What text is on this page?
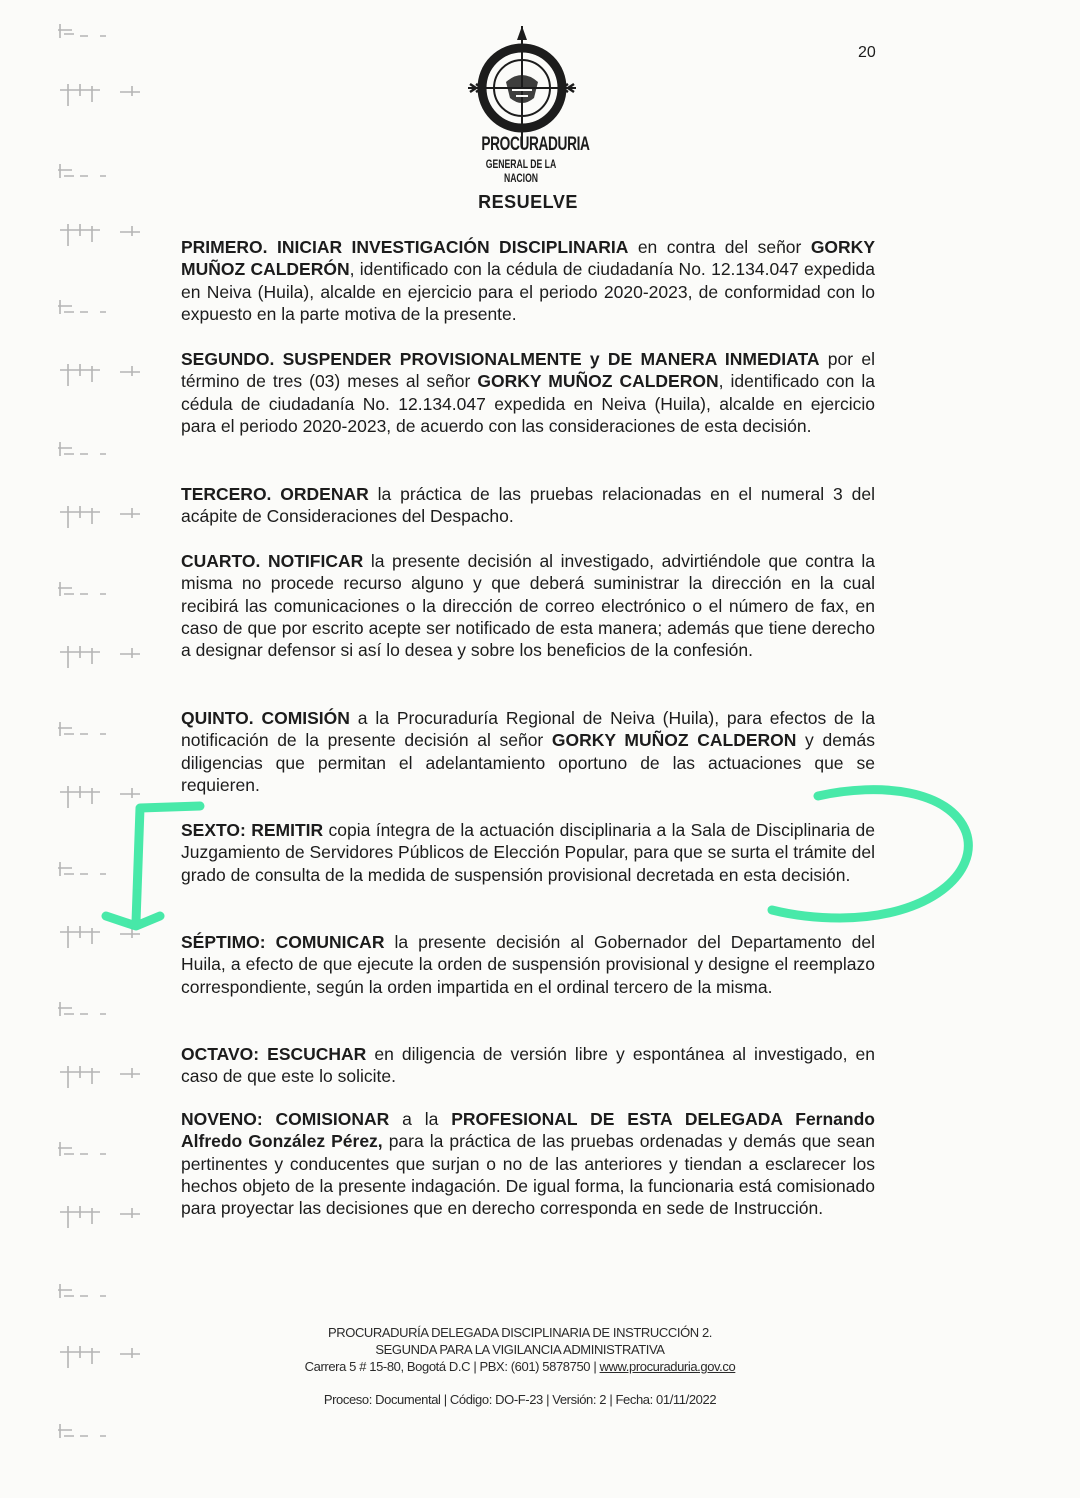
20
PROCURADURIA
GENERAL DE LA NACION
RESUELVE
PRIMERO. INICIAR INVESTIGACIÓN DISCIPLINARIA en contra del señor GORKY MUÑOZ CALDERÓN, identificado con la cédula de ciudadanía No. 12.134.047 expedida en Neiva (Huila), alcalde en ejercicio para el periodo 2020-2023, de conformidad con lo expuesto en la parte motiva de la presente.
SEGUNDO. SUSPENDER PROVISIONALMENTE y DE MANERA INMEDIATA por el término de tres (03) meses al señor GORKY MUÑOZ CALDERON, identificado con la cédula de ciudadanía No. 12.134.047 expedida en Neiva (Huila), alcalde en ejercicio para el periodo 2020-2023, de acuerdo con las consideraciones de esta decisión.
TERCERO. ORDENAR la práctica de las pruebas relacionadas en el numeral 3 del acápite de Consideraciones del Despacho.
CUARTO. NOTIFICAR la presente decisión al investigado, advirtiéndole que contra la misma no procede recurso alguno y que deberá suministrar la dirección en la cual recibirá las comunicaciones o la dirección de correo electrónico o el número de fax, en caso de que por escrito acepte ser notificado de esta manera; además que tiene derecho a designar defensor si así lo desea y sobre los beneficios de la confesión.
QUINTO. COMISIÓN a la Procuraduría Regional de Neiva (Huila), para efectos de la notificación de la presente decisión al señor GORKY MUÑOZ CALDERON y demás diligencias que permitan el adelantamiento oportuno de las actuaciones que se requieren.
SEXTO: REMITIR copia íntegra de la actuación disciplinaria a la Sala de Disciplinaria de Juzgamiento de Servidores Públicos de Elección Popular, para que se surta el trámite del grado de consulta de la medida de suspensión provisional decretada en esta decisión.
SÉPTIMO: COMUNICAR la presente decisión al Gobernador del Departamento del Huila, a efecto de que ejecute la orden de suspensión provisional y designe el reemplazo correspondiente, según la orden impartida en el ordinal tercero de la misma.
OCTAVO: ESCUCHAR en diligencia de versión libre y espontánea al investigado, en caso de que este lo solicite.
NOVENO: COMISIONAR a la PROFESIONAL DE ESTA DELEGADA Fernando Alfredo González Pérez, para la práctica de las pruebas ordenadas y demás que sean pertinentes y conducentes que surjan o no de las anteriores y tiendan a esclarecer los hechos objeto de la presente indagación. De igual forma, la funcionaria está comisionado para proyectar las decisiones que en derecho corresponda en sede de Instrucción.
PROCURADURÍA DELEGADA DISCIPLINARIA DE INSTRUCCIÓN 2.
SEGUNDA PARA LA VIGILANCIA ADMINISTRATIVA
Carrera 5 # 15-80, Bogotá D.C | PBX: (601) 5878750 | www.procuraduria.gov.co
Proceso: Documental | Código: DO-F-23 | Versión: 2 | Fecha: 01/11/2022
